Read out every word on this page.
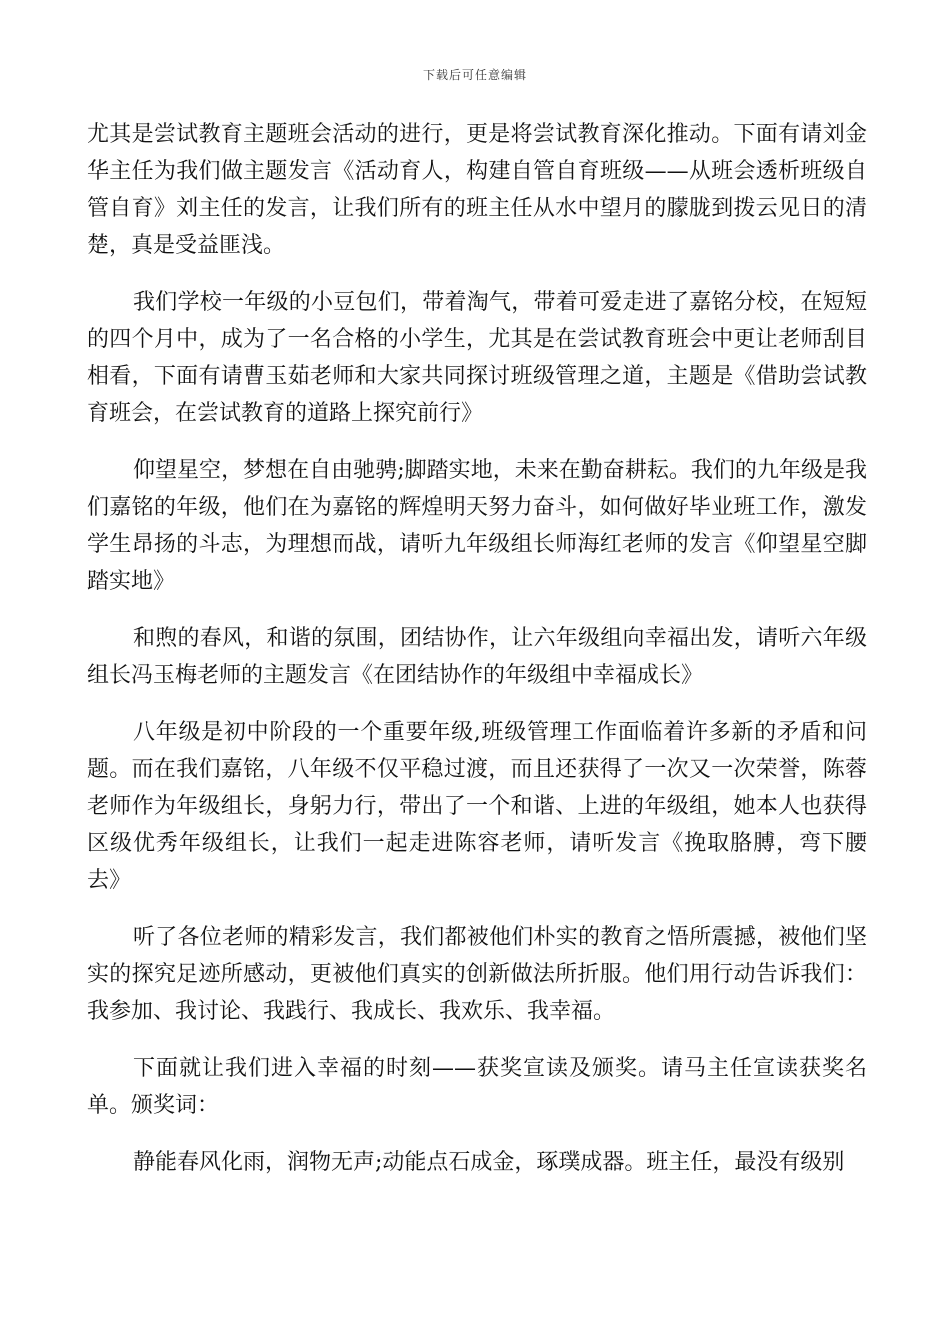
下载后可任意编辑

尤其是尝试教育主题班会活动的进行，更是将尝试教育深化推动。下面有请刘金华主任为我们做主题发言《活动育人，构建自管自育班级——从班会透析班级自管自育》刘主任的发言，让我们所有的班主任从水中望月的朦胧到拨云见日的清楚，真是受益匪浅。

我们学校一年级的小豆包们，带着淘气，带着可爱走进了嘉铭分校，在短短的四个月中，成为了一名合格的小学生，尤其是在尝试教育班会中更让老师刮目相看，下面有请曹玉茹老师和大家共同探讨班级管理之道，主题是《借助尝试教育班会，在尝试教育的道路上探究前行》

仰望星空，梦想在自由驰骋;脚踏实地，未来在勤奋耕耘。我们的九年级是我们嘉铭的年级，他们在为嘉铭的辉煌明天努力奋斗，如何做好毕业班工作，激发学生昂扬的斗志，为理想而战，请听九年级组长师海红老师的发言《仰望星空脚踏实地》

和煦的春风，和谐的氛围，团结协作，让六年级组向幸福出发，请听六年级组长冯玉梅老师的主题发言《在团结协作的年级组中幸福成长》

八年级是初中阶段的一个重要年级,班级管理工作面临着许多新的矛盾和问题。而在我们嘉铭，八年级不仅平稳过渡，而且还获得了一次又一次荣誉，陈蓉老师作为年级组长，身躬力行，带出了一个和谐、上进的年级组，她本人也获得区级优秀年级组长，让我们一起走进陈容老师，请听发言《挽取胳膊，弯下腰去》

听了各位老师的精彩发言，我们都被他们朴实的教育之悟所震撼，被他们坚实的探究足迹所感动，更被他们真实的创新做法所折服。他们用行动告诉我们：我参加、我讨论、我践行、我成长、我欢乐、我幸福。

下面就让我们进入幸福的时刻——获奖宣读及颁奖。请马主任宣读获奖名单。颁奖词：

静能春风化雨，润物无声;动能点石成金，琢璞成器。班主任，最没有级别
